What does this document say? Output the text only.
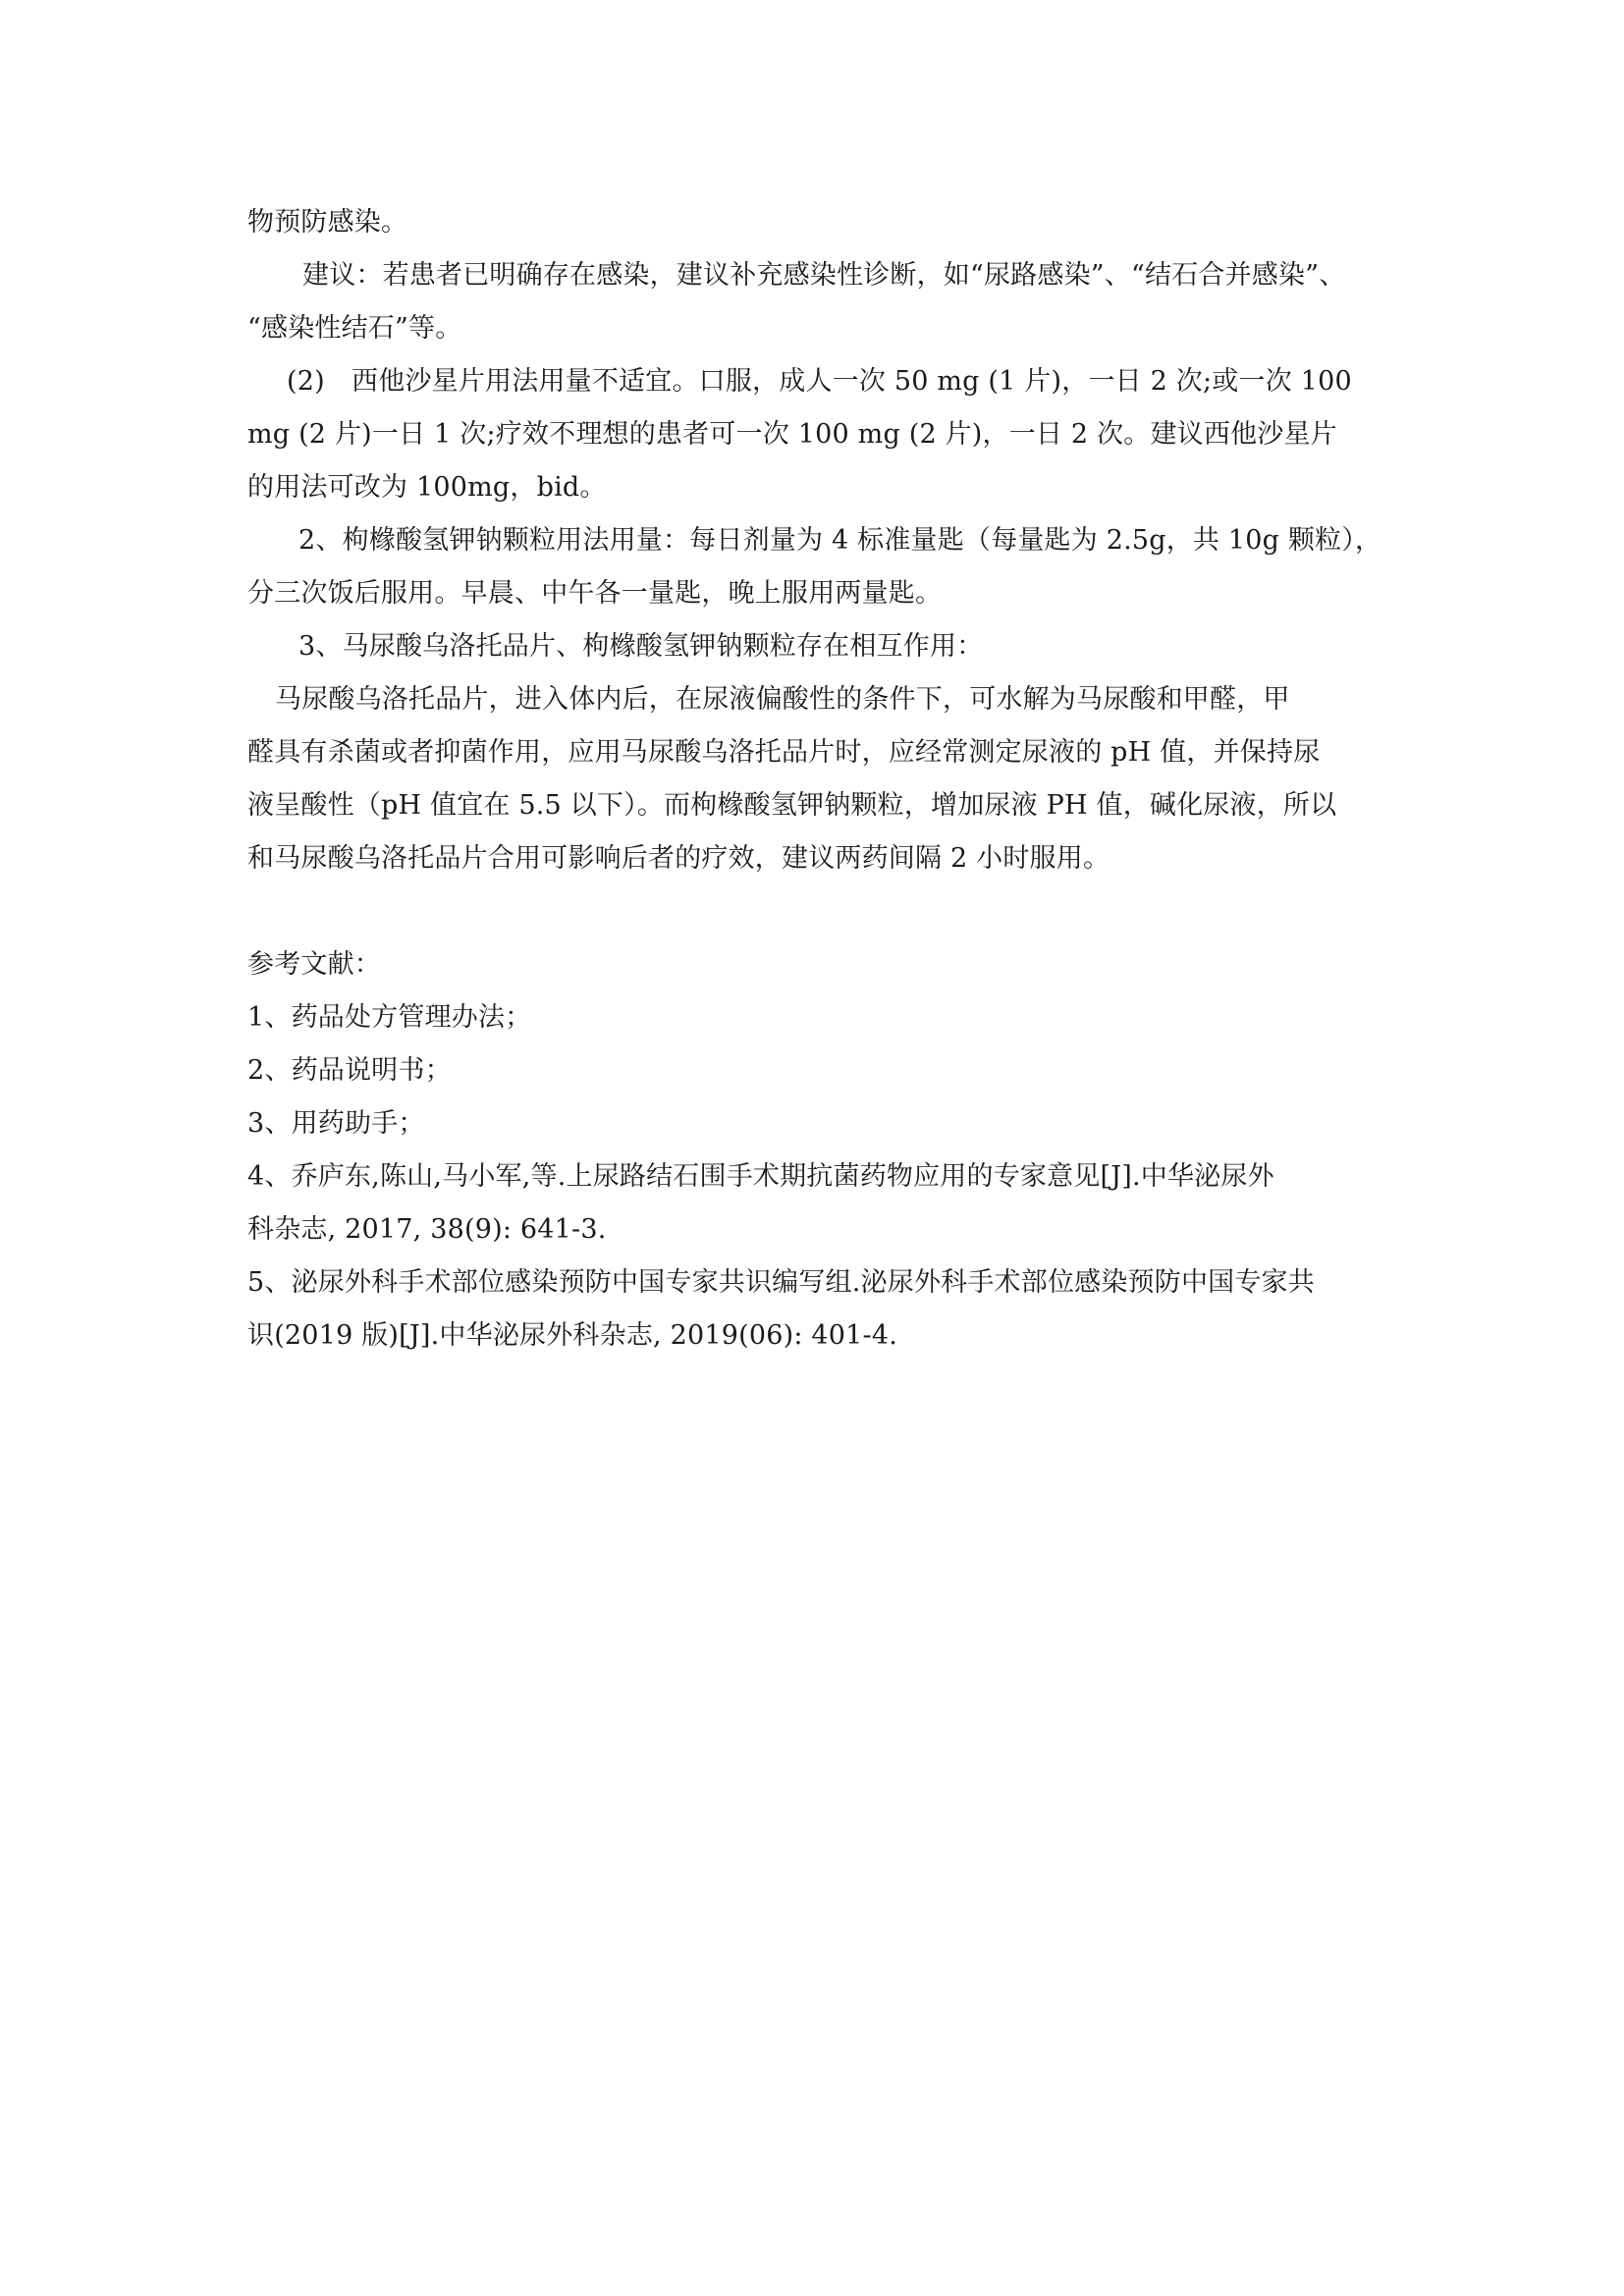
物预防感染。
建议：若患者已明确存在感染，建议补充感染性诊断，如“尿路感染”、“结石合并感染”、
“感染性结石”等。
(2)　西他沙星片用法用量不适宜。口服，成人一次 50 mg (1 片)，一日 2 次;或一次 100
mg (2 片)一日 1 次;疗效不理想的患者可一次 100 mg (2 片)，一日 2 次。建议西他沙星片
的用法可改为 100mg，bid。
2、枸橼酸氢钾钠颗粒用法用量：每日剂量为 4 标准量匙（每量匙为 2.5g，共 10g 颗粒），
分三次饭后服用。早晨、中午各一量匙，晚上服用两量匙。
3、马尿酸乌洛托品片、枸橼酸氢钾钠颗粒存在相互作用：
马尿酸乌洛托品片，进入体内后，在尿液偏酸性的条件下，可水解为马尿酸和甲醛，甲
醛具有杀菌或者抑菌作用，应用马尿酸乌洛托品片时，应经常测定尿液的 pH 值，并保持尿
液呈酸性（pH 值宜在 5.5 以下）。而枸橼酸氢钾钠颗粒，增加尿液 PH 值，碱化尿液，所以
和马尿酸乌洛托品片合用可影响后者的疗效，建议两药间隔 2 小时服用。
参考文献：
1、药品处方管理办法；
2、药品说明书；
3、用药助手；
4、乔庐东,陈山,马小军,等.上尿路结石围手术期抗菌药物应用的专家意见[J].中华泌尿外
科杂志, 2017, 38(9): 641-3.
5、泌尿外科手术部位感染预防中国专家共识编写组.泌尿外科手术部位感染预防中国专家共
识(2019 版)[J].中华泌尿外科杂志, 2019(06): 401-4.
